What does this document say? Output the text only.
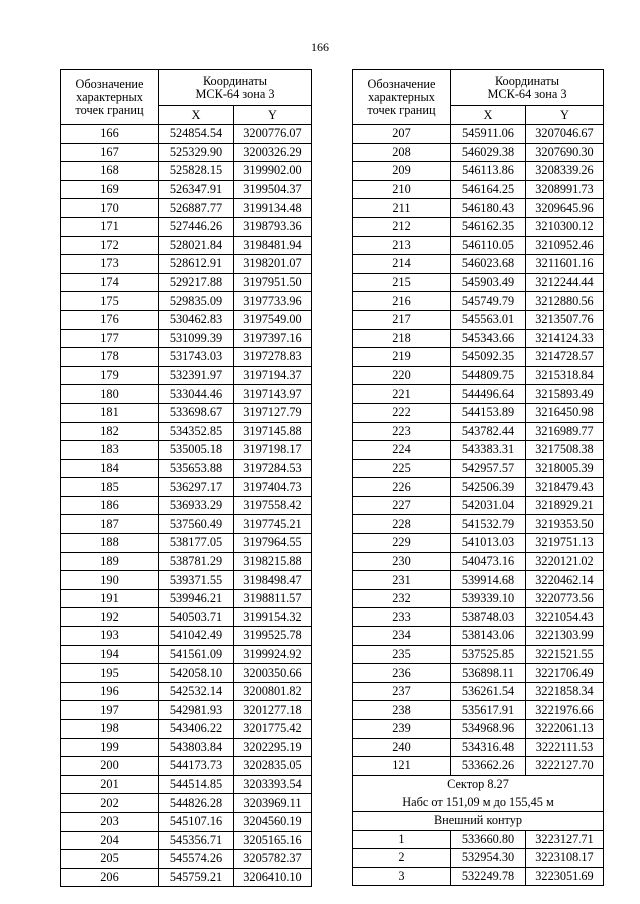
166
Обозначение
характерных
точек границ	Координаты
МСК-64 зона 3	
	X	Y
166	524854.54	3200776.07
167	525329.90	3200326.29
168	525828.15	3199902.00
169	526347.91	3199504.37
170	526887.77	3199134.48
171	527446.26	3198793.36
172	528021.84	3198481.94
173	528612.91	3198201.07
174	529217.88	3197951.50
175	529835.09	3197733.96
176	530462.83	3197549.00
177	531099.39	3197397.16
178	531743.03	3197278.83
179	532391.97	3197194.37
180	533044.46	3197143.97
181	533698.67	3197127.79
182	534352.85	3197145.88
183	535005.18	3197198.17
184	535653.88	3197284.53
185	536297.17	3197404.73
186	536933.29	3197558.42
187	537560.49	3197745.21
188	538177.05	3197964.55
189	538781.29	3198215.88
190	539371.55	3198498.47
191	539946.21	3198811.57
192	540503.71	3199154.32
193	541042.49	3199525.78
194	541561.09	3199924.92
195	542058.10	3200350.66
196	542532.14	3200801.82
197	542981.93	3201277.18
198	543406.22	3201775.42
199	543803.84	3202295.19
200	544173.73	3202835.05
201	544514.85	3203393.54
202	544826.28	3203969.11
203	545107.16	3204560.19
204	545356.71	3205165.16
205	545574.26	3205782.37
206	545759.21	3206410.10
Обозначение
характерных
точек границ	Координаты
МСК-64 зона 3	
	X	Y
207	545911.06	3207046.67
208	546029.38	3207690.30
209	546113.86	3208339.26
210	546164.25	3208991.73
211	546180.43	3209645.96
212	546162.35	3210300.12
213	546110.05	3210952.46
214	546023.68	3211601.16
215	545903.49	3212244.44
216	545749.79	3212880.56
217	545563.01	3213507.76
218	545343.66	3214124.33
219	545092.35	3214728.57
220	544809.75	3215318.84
221	544496.64	3215893.49
222	544153.89	3216450.98
223	543782.44	3216989.77
224	543383.31	3217508.38
225	542957.57	3218005.39
226	542506.39	3218479.43
227	542031.04	3218929.21
228	541532.79	3219353.50
229	541013.03	3219751.13
230	540473.16	3220121.02
231	539914.68	3220462.14
232	539339.10	3220773.56
233	538748.03	3221054.43
234	538143.06	3221303.99
235	537525.85	3221521.55
236	536898.11	3221706.49
237	536261.54	3221858.34
238	535617.91	3221976.66
239	534968.96	3222061.13
240	534316.48	3222111.53
121	533662.26	3222127.70
Сектор 8.27		
Набс от 151,09 м до 155,45 м		
Внешний контур		
1	533660.80	3223127.71
2	532954.30	3223108.17
3	532249.78	3223051.69
